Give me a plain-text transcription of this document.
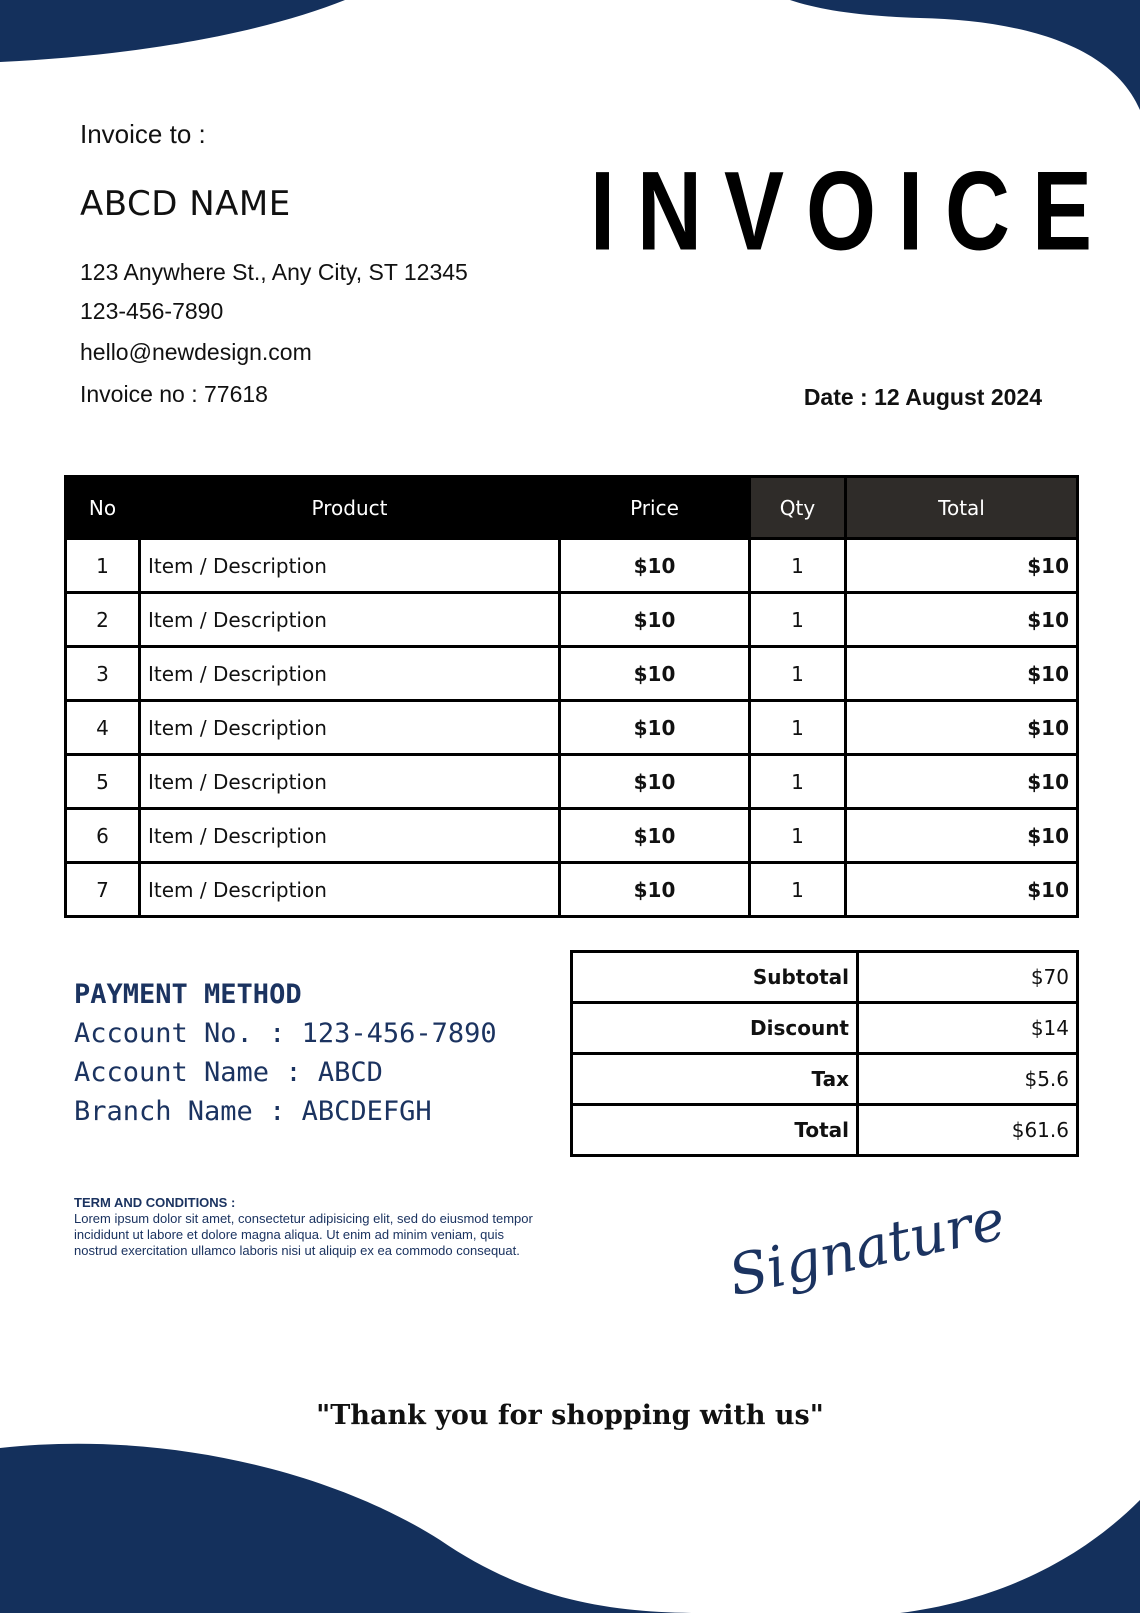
Invoice to :
ABCD NAME
123 Anywhere St., Any City, ST 12345
123-456-7890
hello@newdesign.com
Invoice no : 77618	Date : 12 August 2024
INVOICE
No	Product	Price	Qty	Total
1	Item / Description	$10	1	$10
2	Item / Description	$10	1	$10
3	Item / Description	$10	1	$10
4	Item / Description	$10	1	$10
5	Item / Description	$10	1	$10
6	Item / Description	$10	1	$10
7	Item / Description	$10	1	$10
Subtotal	$70
Discount	$14
Tax	$5.6
Total	$61.6
PAYMENT METHOD
Account No. : 123-456-7890
Account Name : ABCD
Branch Name : ABCDEFGH
TERM AND CONDITIONS :
Lorem ipsum dolor sit amet, consectetur adipisicing elit, sed do eiusmod tempor
incididunt ut labore et dolore magna aliqua. Ut enim ad minim veniam, quis
nostrud exercitation ullamco laboris nisi ut aliquip ex ea commodo consequat.	Signature
"Thank you for shopping with us"
